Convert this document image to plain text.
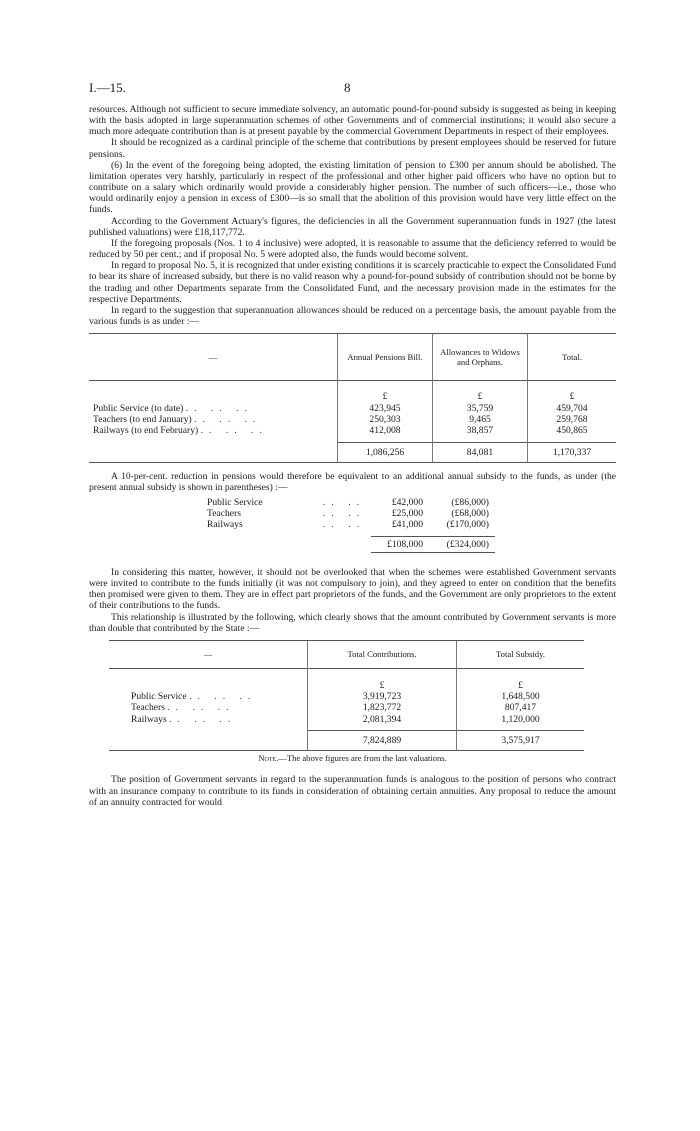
I.—15.	8

resources. Although not sufficient to secure immediate solvency, an automatic pound-for-pound subsidy is suggested as being in keeping with the basis adopted in large superannuation schemes of other Governments and of commercial institutions; it would also secure a much more adequate contribution than is at present payable by the commercial Government Departments in respect of their employees.

It should be recognized as a cardinal principle of the scheme that contributions by present employees should be reserved for future pensions.

(6) In the event of the foregoing being adopted, the existing limitation of pension to £300 per annum should be abolished. The limitation operates very harshly, particularly in respect of the professional and other higher paid officers who have no option but to contribute on a salary which ordinarily would provide a considerably higher pension. The number of such officers—i.e., those who would ordinarily enjoy a pension in excess of £300—is so small that the abolition of this provision would have very little effect on the funds.

According to the Government Actuary's figures, the deficiencies in all the Government superannuation funds in 1927 (the latest published valuations) were £18,117,772.

If the foregoing proposals (Nos. 1 to 4 inclusive) were adopted, it is reasonable to assume that the deficiency referred to would be reduced by 50 per cent.; and if proposal No. 5 were adopted also, the funds would become solvent.

In regard to proposal No. 5, it is recognized that under existing conditions it is scarcely practicable to expect the Consolidated Fund to bear its share of increased subsidy, but there is no valid reason why a pound-for-pound subsidy of contribution should not be borne by the trading and other Departments separate from the Consolidated Fund, and the necessary provision made in the estimates for the respective Departments.

In regard to the suggestion that superannuation allowances should be reduced on a percentage basis, the amount payable from the various funds is as under :—

—	Annual Pensions Bill.	Allowances to Widows and Orphans.	Total.

	£	£	£
Public Service (to date) .. .. ..	423,945	35,759	459,704
Teachers (to end January) .. .. ..	250,303	9,465	259,768
Railways (to end February) .. .. ..	412,008	38,857	450,865

	1,086,256	84,081	1,170,337

A 10-per-cent. reduction in pensions would therefore be equivalent to an additional annual subsidy to the funds, as under (the present annual subsidy is shown in parentheses) :—

Public Service	.. ..	£42,000	(£86,000)
Teachers	.. ..	£25,000	(£68,000)
Railways	.. ..	£41,000	(£170,000)

		£108,000	(£324,000)

In considering this matter, however, it should not be overlooked that when the schemes were established Government servants were invited to contribute to the funds initially (it was not compulsory to join), and they agreed to enter on condition that the benefits then promised were given to them. They are in effect part proprietors of the funds, and the Government are only proprietors to the extent of their contributions to the funds.

This relationship is illustrated by the following, which clearly shows that the amount contributed by Government servants is more than double that contributed by the State :—

—	Total Contributions.	Total Subsidy.

	£	£
Public Service .. .. ..	3,919,723	1,648,500
Teachers .. .. ..	1,823,772	807,417
Railways .. .. ..	2,081,394	1,120,000

	7,824,889	3,575,917

Note.—The above figures are from the last valuations.

The position of Government servants in regard to the superannuation funds is analogous to the position of persons who contract with an insurance company to contribute to its funds in consideration of obtaining certain annuities. Any proposal to reduce the amount of an annuity contracted for would
